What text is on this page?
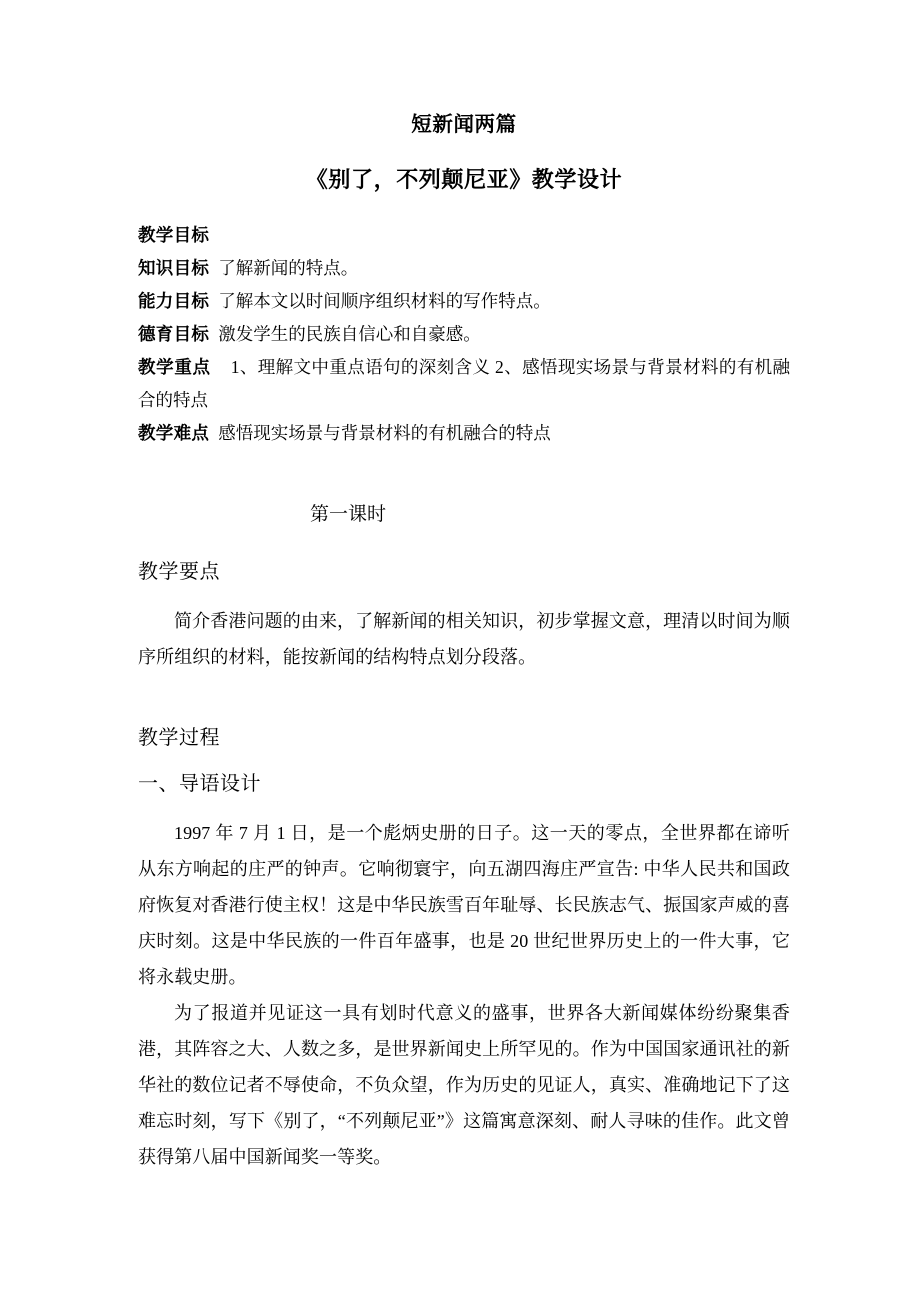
短新闻两篇
《别了，不列颠尼亚》教学设计

教学目标

知识目标 了解新闻的特点。

能力目标 了解本文以时间顺序组织材料的写作特点。

德育目标 激发学生的民族自信心和自豪感。

教学重点 1、理解文中重点语句的深刻含义 2、感悟现实场景与背景材料的有机融合的特点

教学难点 感悟现实场景与背景材料的有机融合的特点

第一课时

教学要点

简介香港问题的由来，了解新闻的相关知识，初步掌握文意，理清以时间为顺序所组织的材料，能按新闻的结构特点划分段落。

教学过程
一、导语设计

1997 年 7 月 1 日，是一个彪炳史册的日子。这一天的零点，全世界都在谛听从东方响起的庄严的钟声。它响彻寰宇，向五湖四海庄严宣告: 中华人民共和国政府恢复对香港行使主权！这是中华民族雪百年耻辱、长民族志气、振国家声威的喜庆时刻。这是中华民族的一件百年盛事，也是 20 世纪世界历史上的一件大事，它将永载史册。

为了报道并见证这一具有划时代意义的盛事，世界各大新闻媒体纷纷聚集香港，其阵容之大、人数之多，是世界新闻史上所罕见的。作为中国国家通讯社的新华社的数位记者不辱使命，不负众望，作为历史的见证人，真实、准确地记下了这难忘时刻，写下《别了，“不列颠尼亚”》这篇寓意深刻、耐人寻味的佳作。此文曾获得第八届中国新闻奖一等奖。
